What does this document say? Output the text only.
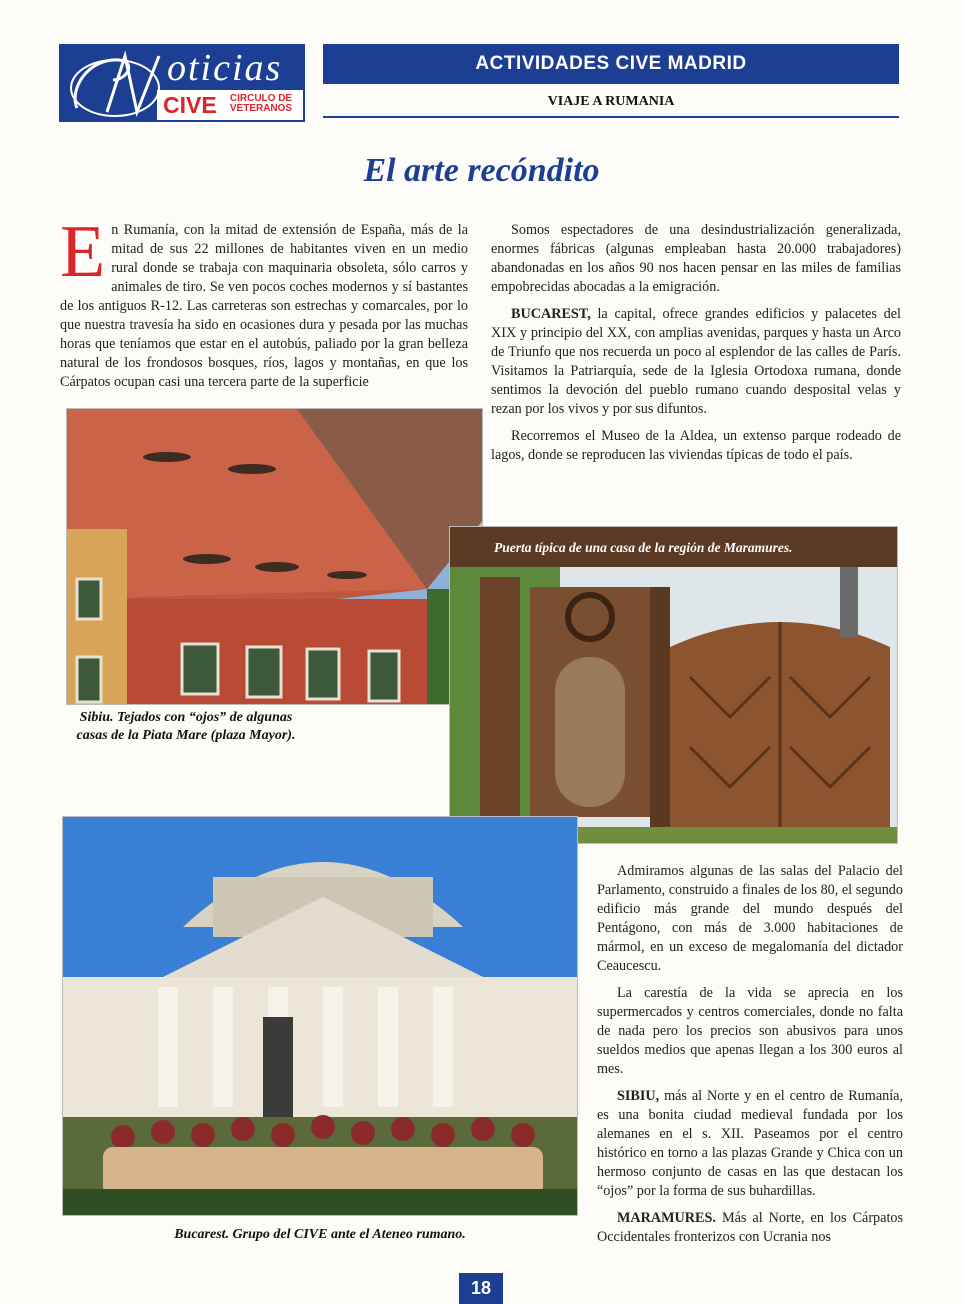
oticias
CIVE	CIRCULO DE
VETERANOS
ACTIVIDADES CIVE MADRID
VIAJE A RUMANIA
El arte recóndito

En Rumanía, con la mitad de extensión de España, más de la mitad de sus 22 millones de habitantes viven en un medio rural donde se trabaja con maquinaria obsoleta, sólo carros y animales de tiro. Se ven pocos coches modernos y sí bastantes de los antiguos R-12. Las carreteras son estrechas y comarcales, por lo que nuestra travesía ha sido en ocasiones dura y pesada por las muchas horas que teníamos que estar en el autobús, paliado por la gran belleza natural de los frondosos bosques, ríos, lagos y montañas, en que los Cárpatos ocupan casi una tercera parte de la superficie

Somos espectadores de una desindustrialización generalizada, enormes fábricas (algunas empleaban hasta 20.000 trabajadores) abandonadas en los años 90 nos hacen pensar en las miles de familias empobrecidas abocadas a la emigración.

BUCAREST, la capital, ofrece grandes edificios y palacetes del XIX y principio del XX, con amplias avenidas, parques y hasta un Arco de Triunfo que nos recuerda un poco al esplendor de las calles de París. Visitamos la Patriarquía, sede de la Iglesia Ortodoxa rumana, donde sentimos la devoción del pueblo rumano cuando desposital velas y rezan por los vivos y por sus difuntos.

Recorremos el Museo de la Aldea, un extenso parque rodeado de lagos, donde se reproducen las viviendas típicas de todo el país.

Sibiu. Tejados con “ojos” de algunas casas de la Piata Mare (plaza Mayor).
Puerta típica de una casa de la región de Maramures.
Bucarest. Grupo del CIVE ante el Ateneo rumano.

Admiramos algunas de las salas del Palacio del Parlamento, construido a finales de los 80, el segundo edificio más grande del mundo después del Pentágono, con más de 3.000 habitaciones de mármol, en un exceso de megalomanía del dictador Ceaucescu.

La carestía de la vida se aprecia en los supermercados y centros comerciales, donde no falta de nada pero los precios son abusivos para unos sueldos medios que apenas llegan a los 300 euros al mes.

SIBIU, más al Norte y en el centro de Rumanía, es una bonita ciudad medieval fundada por los alemanes en el s. XII. Paseamos por el centro histórico en torno a las plazas Grande y Chica con un hermoso conjunto de casas en las que destacan los “ojos” por la forma de sus buhardillas.

MARAMURES. Más al Norte, en los Cárpatos Occidentales fronterizos con Ucrania nos

18
